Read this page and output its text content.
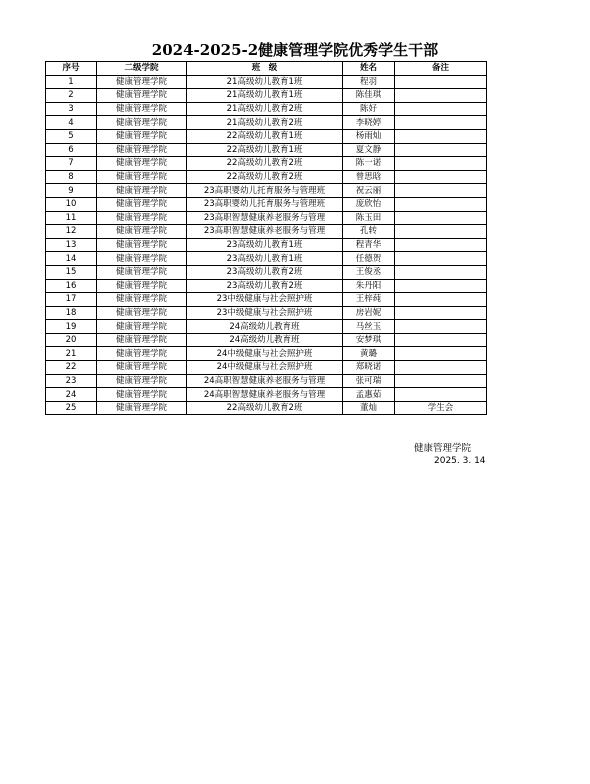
2024-2025-2健康管理学院优秀学生干部
序号	二级学院	班　级	姓名	备注
1	健康管理学院	21高级幼儿教育1班	程羽	
2	健康管理学院	21高级幼儿教育1班	陈佳琪	
3	健康管理学院	21高级幼儿教育2班	陈好	
4	健康管理学院	21高级幼儿教育2班	李晓婷	
5	健康管理学院	22高级幼儿教育1班	杨雨灿	
6	健康管理学院	22高级幼儿教育1班	夏文静	
7	健康管理学院	22高级幼儿教育2班	陈一诺	
8	健康管理学院	22高级幼儿教育2班	曾思晗	
9	健康管理学院	23高职婴幼儿托育服务与管理班	祝云丽	
10	健康管理学院	23高职婴幼儿托育服务与管理班	庞欣怡	
11	健康管理学院	23高职智慧健康养老服务与管理	陈玉田	
12	健康管理学院	23高职智慧健康养老服务与管理	孔转	
13	健康管理学院	23高级幼儿教育1班	程青华	
14	健康管理学院	23高级幼儿教育1班	任德贺	
15	健康管理学院	23高级幼儿教育2班	王俊丞	
16	健康管理学院	23高级幼儿教育2班	朱丹阳	
17	健康管理学院	23中级健康与社会照护班	王梓莼	
18	健康管理学院	23中级健康与社会照护班	房岩妮	
19	健康管理学院	24高级幼儿教育班	马丝玉	
20	健康管理学院	24高级幼儿教育班	安梦琪	
21	健康管理学院	24中级健康与社会照护班	黄璐	
22	健康管理学院	24中级健康与社会照护班	郑晓诺	
23	健康管理学院	24高职智慧健康养老服务与管理	张可瑞	
24	健康管理学院	24高职智慧健康养老服务与管理	孟惠茹	
25	健康管理学院	22高级幼儿教育2班	董灿	学生会
健康管理学院
2025. 3. 14
